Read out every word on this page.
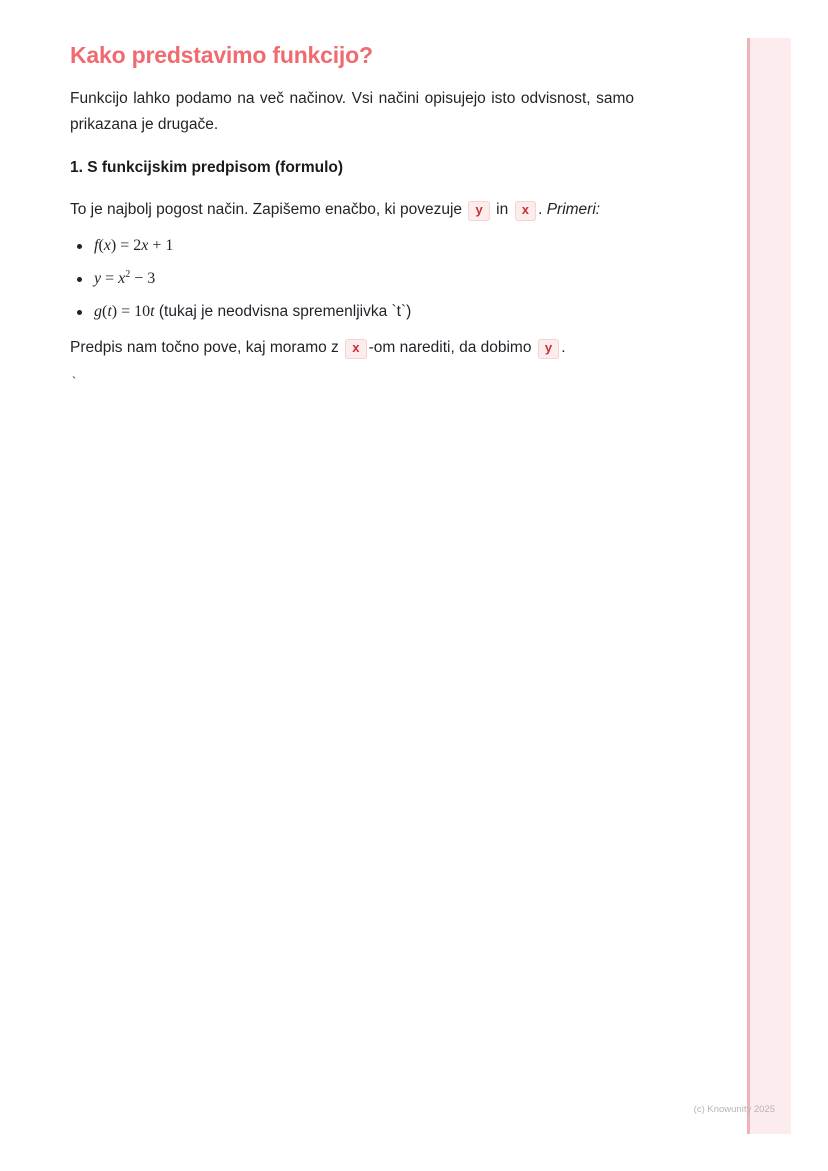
Kako predstavimo funkcijo?

Funkcijo lahko podamo na več načinov. Vsi načini opisujejo isto odvisnost, samo prikazana je drugače.

1. S funkcijskim predpisom (formulo)

To je najbolj pogost način. Zapišemo enačbo, ki povezuje y in x . Primeri:

f(x) = 2x + 1
$y = x^2 - 3$
g(t) = 10t (tukaj je neodvisna spremenljivka `t`)

Predpis nam točno pove, kaj moramo z x -om narediti, da dobimo y .

`
(c) Knowunity 2025
